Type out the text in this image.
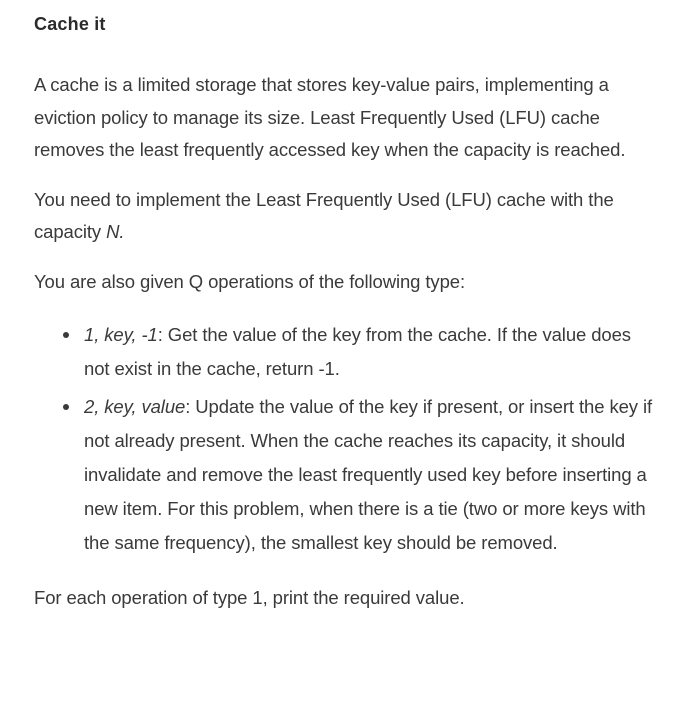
Cache it

A cache is a limited storage that stores key-value pairs, implementing a eviction policy to manage its size. Least Frequently Used (LFU) cache removes the least frequently accessed key when the capacity is reached.

You need to implement the Least Frequently Used (LFU) cache with the capacity N.

You are also given Q operations of the following type:

1, key, -1: Get the value of the key from the cache. If the value does not exist in the cache, return -1.
2, key, value: Update the value of the key if present, or insert the key if not already present. When the cache reaches its capacity, it should invalidate and remove the least frequently used key before inserting a new item. For this problem, when there is a tie (two or more keys with the same frequency), the smallest key should be removed.

For each operation of type 1, print the required value.
